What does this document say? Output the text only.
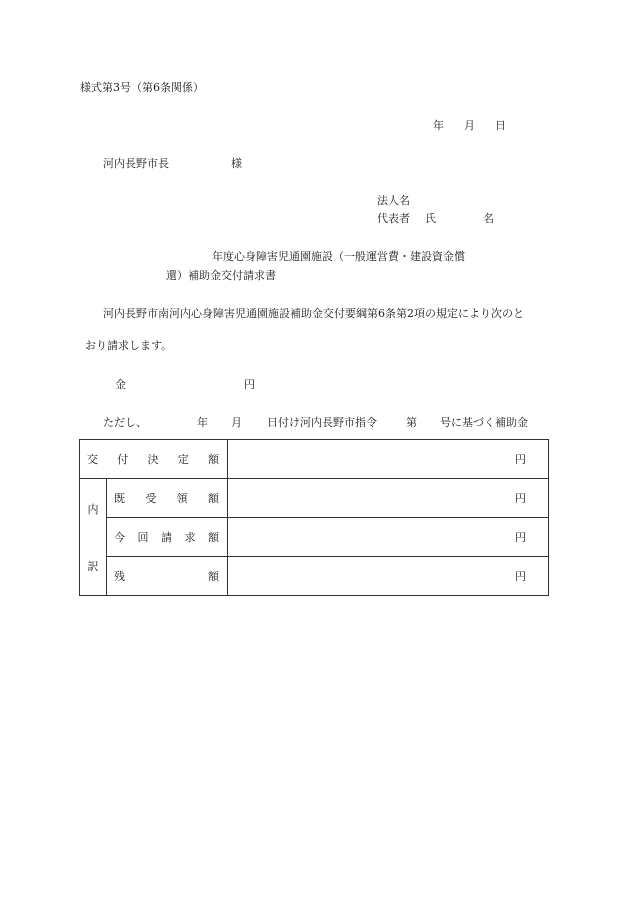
様式第3号（第6条関係）
年 月 日
河内長野市長	様
法人名
代表者 氏	名
年度心身障害児通園施設（一般運営費・建設資金償
還）補助金交付請求書
河内長野市南河内心身障害児通園施設補助金交付要綱第6条第2項の規定により次のと
おり請求します。
金	円
ただし、	年 月 日付け河内長野市指令	第 号に基づく補助金
交 付 決 定 額		円

内
訳	既 受 領 額	円

	今 回 請 求 額	円

	残 額	円
